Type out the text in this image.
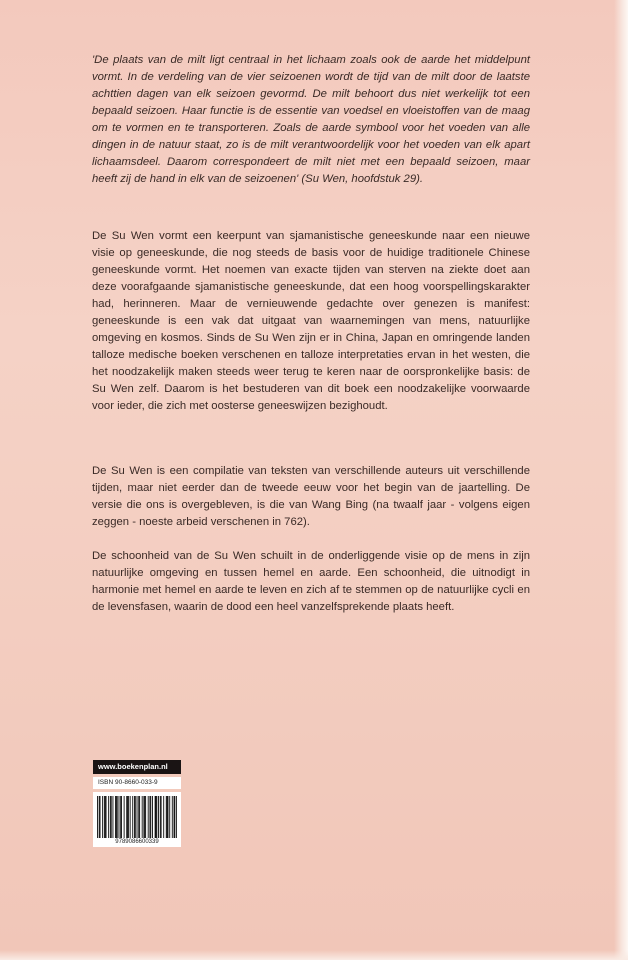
'De plaats van de milt ligt centraal in het lichaam zoals ook de aarde het middelpunt vormt. In de verdeling van de vier seizoenen wordt de tijd van de milt door de laatste achttien dagen van elk seizoen gevormd. De milt behoort dus niet werkelijk tot een bepaald seizoen. Haar functie is de essentie van voedsel en vloeistoffen van de maag om te vormen en te transporteren. Zoals de aarde symbool voor het voeden van alle dingen in de natuur staat, zo is de milt verantwoordelijk voor het voeden van elk apart lichaamsdeel. Daarom correspondeert de milt niet met een bepaald seizoen, maar heeft zij de hand in elk van de seizoenen' (Su Wen, hoofdstuk 29).

De Su Wen vormt een keerpunt van sjamanistische geneeskunde naar een nieuwe visie op geneeskunde, die nog steeds de basis voor de huidige traditionele Chinese geneeskunde vormt. Het noemen van exacte tijden van sterven na ziekte doet aan deze voorafgaande sjamanistische geneeskunde, dat een hoog voorspellingskarakter had, herinneren. Maar de vernieuwende gedachte over genezen is manifest: geneeskunde is een vak dat uitgaat van waarnemingen van mens, natuurlijke omgeving en kosmos. Sinds de Su Wen zijn er in China, Japan en omringende landen talloze medische boeken verschenen en talloze interpretaties ervan in het westen, die het noodzakelijk maken steeds weer terug te keren naar de oorspronkelijke basis: de Su Wen zelf. Daarom is het bestuderen van dit boek een noodzakelijke voorwaarde voor ieder, die zich met oosterse geneeswijzen bezighoudt.

De Su Wen is een compilatie van teksten van verschillende auteurs uit verschillende tijden, maar niet eerder dan de tweede eeuw voor het begin van de jaartelling. De versie die ons is overgebleven, is die van Wang Bing (na twaalf jaar - volgens eigen zeggen - noeste arbeid verschenen in 762).

De schoonheid van de Su Wen schuilt in de onderliggende visie op de mens in zijn natuurlijke omgeving en tussen hemel en aarde. Een schoonheid, die uitnodigt in harmonie met hemel en aarde te leven en zich af te stemmen op de natuurlijke cycli en de levensfasen, waarin de dood een heel vanzelfsprekende plaats heeft.

www.boekenplan.nl
ISBN 90-8660-033-9
9789086600339
